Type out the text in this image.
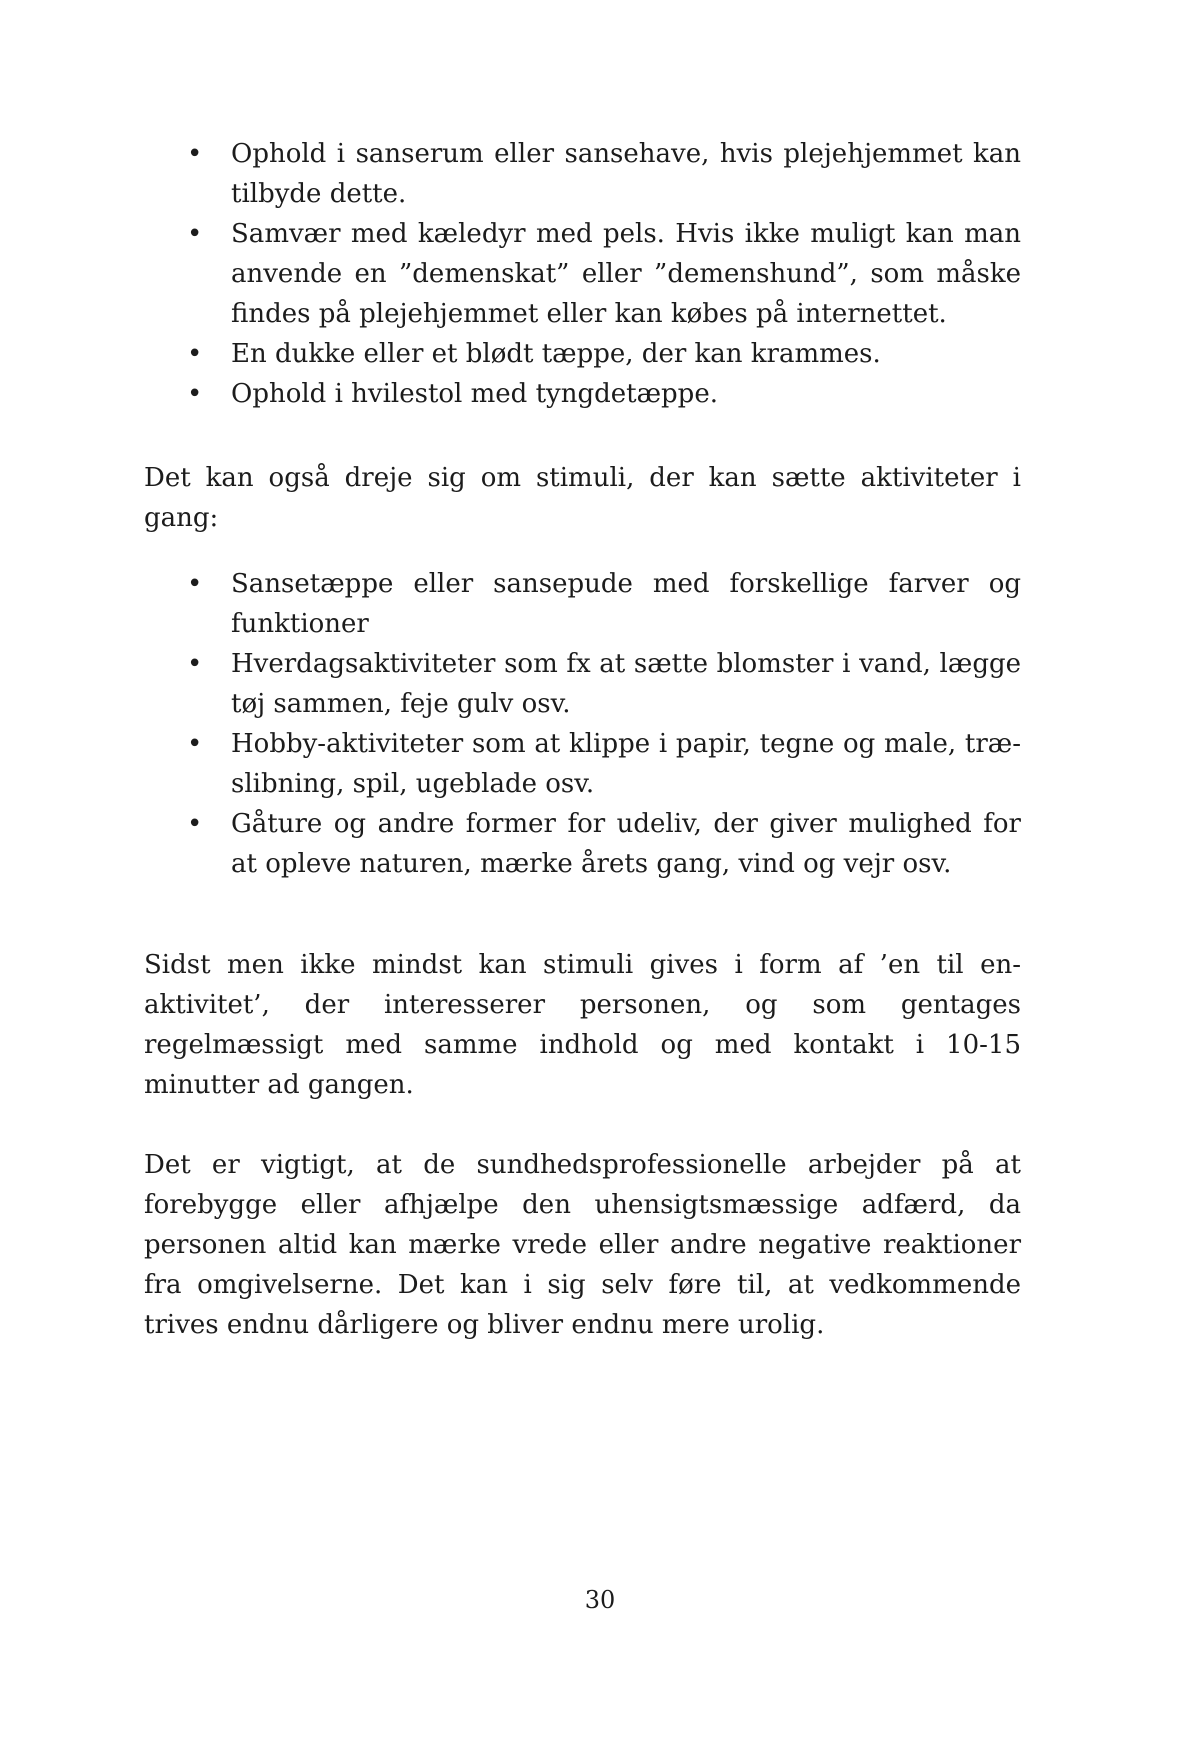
• Ophold i sanserum eller sansehave, hvis plejehjemmet kan tilbyde dette.
• Samvær med kæledyr med pels. Hvis ikke muligt kan man anvende en ”demenskat” eller ”demenshund”, som måske findes på plejehjemmet eller kan købes på internettet.
• En dukke eller et blødt tæppe, der kan krammes.
• Ophold i hvilestol med tyngdetæppe.

Det kan også dreje sig om stimuli, der kan sætte aktiviteter i gang:

• Sansetæppe eller sansepude med forskellige farver og funktioner
• Hverdagsaktiviteter som fx at sætte blomster i vand, lægge tøj sammen, feje gulv osv.
• Hobby-aktiviteter som at klippe i papir, tegne og male, træ-slibning, spil, ugeblade osv.
• Gåture og andre former for udeliv, der giver mulighed for at opleve naturen, mærke årets gang, vind og vejr osv.

Sidst men ikke mindst kan stimuli gives i form af ’en til en-aktivitet’, der interesserer personen, og som gentages regelmæssigt med samme indhold og med kontakt i 10-15 minutter ad gangen.

Det er vigtigt, at de sundhedsprofessionelle arbejder på at forebygge eller afhjælpe den uhensigtsmæssige adfærd, da personen altid kan mærke vrede eller andre negative reaktioner fra omgivelserne. Det kan i sig selv føre til, at vedkommende trives endnu dårligere og bliver endnu mere urolig.

30
